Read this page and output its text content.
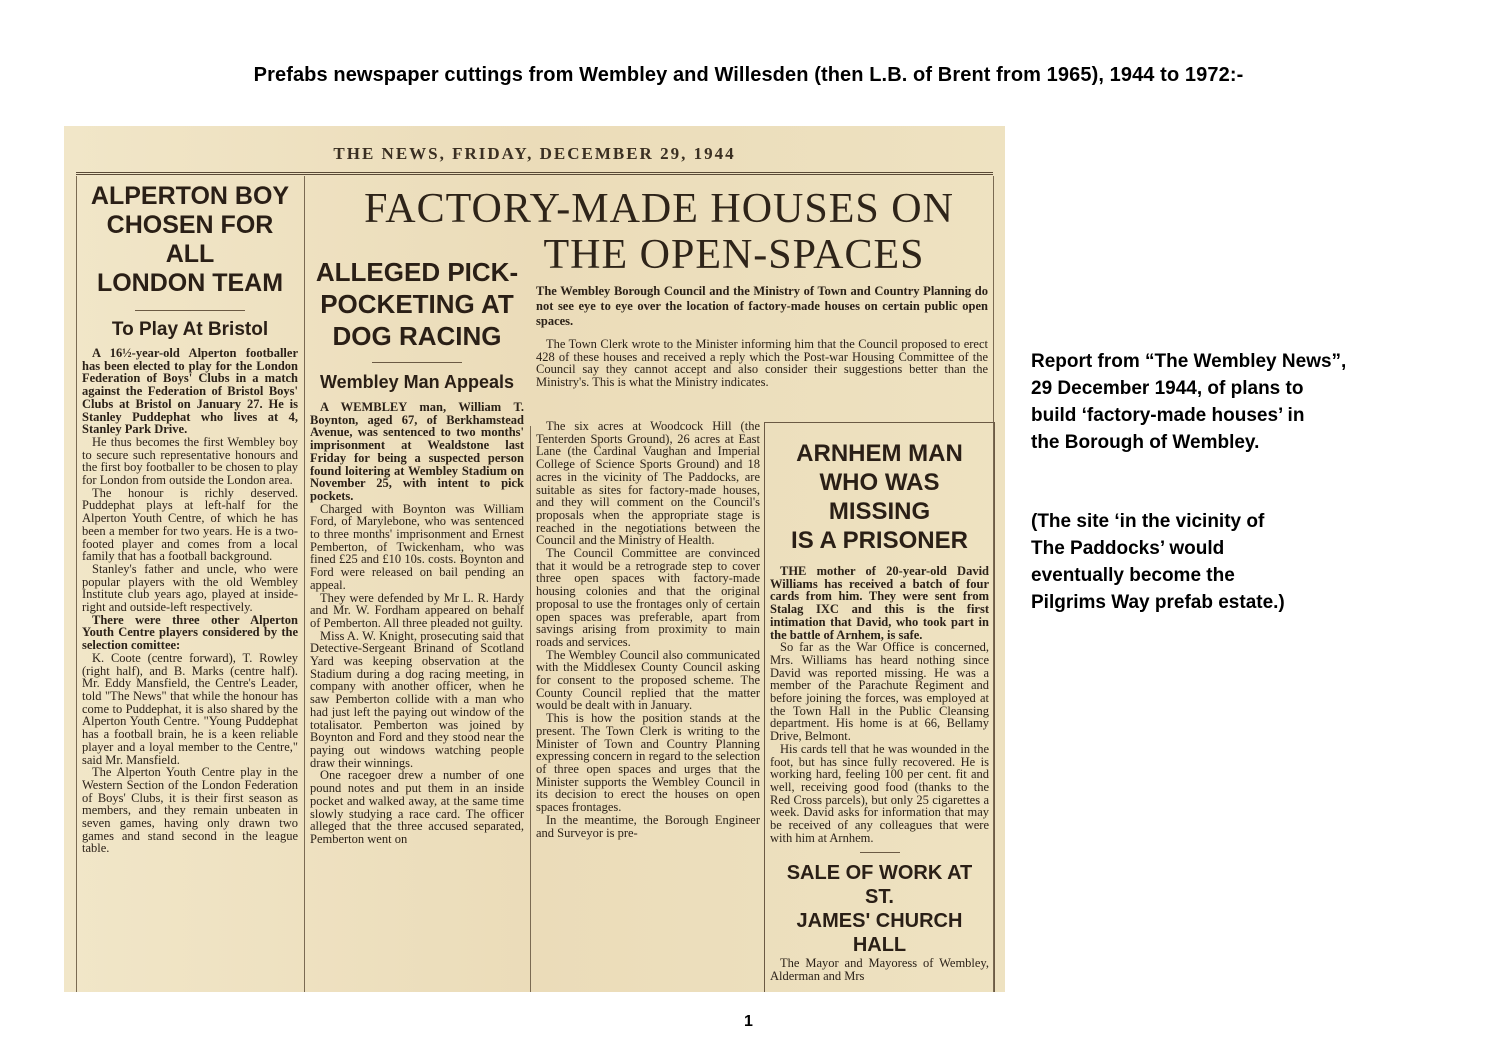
Prefabs newspaper cuttings from Wembley and Willesden (then L.B. of Brent from 1965), 1944 to 1972:-
THE NEWS, FRIDAY, DECEMBER 29, 1944
ALPERTON BOY
CHOSEN FOR ALL
LONDON TEAM
To Play At Bristol

A 16½-year-old Alperton footballer has been elected to play for the London Federation of Boys' Clubs in a match against the Federation of Bristol Boys' Clubs at Bristol on January 27. He is Stanley Puddephat who lives at 4, Stanley Park Drive.

He thus becomes the first Wembley boy to secure such representative honours and the first boy footballer to be chosen to play for London from outside the London area.

The honour is richly deserved. Puddephat plays at left-half for the Alperton Youth Centre, of which he has been a member for two years. He is a two-footed player and comes from a local family that has a football background.

Stanley's father and uncle, who were popular players with the old Wembley Institute club years ago, played at inside-right and outside-left respectively.

There were three other Alperton Youth Centre players considered by the selection comittee:

K. Coote (centre forward), T. Rowley (right half), and B. Marks (centre half). Mr. Eddy Mansfield, the Centre's Leader, told "The News" that while the honour has come to Puddephat, it is also shared by the Alperton Youth Centre. "Young Puddephat has a football brain, he is a keen reliable player and a loyal member to the Centre," said Mr. Mansfield.

The Alperton Youth Centre play in the Western Section of the London Federation of Boys' Clubs, it is their first season as members, and they remain unbeaten in seven games, having only drawn two games and stand second in the league table.

ALLEGED PICK-
POCKETING AT
DOG RACING
Wembley Man Appeals

A WEMBLEY man, William T. Boynton, aged 67, of Berkhamstead Avenue, was sentenced to two months' imprisonment at Wealdstone last Friday for being a suspected person found loitering at Wembley Stadium on November 25, with intent to pick pockets.

Charged with Boynton was William Ford, of Marylebone, who was sentenced to three months' imprisonment and Ernest Pemberton, of Twickenham, who was fined £25 and £10 10s. costs. Boynton and Ford were released on bail pending an appeal.

They were defended by Mr L. R. Hardy and Mr. W. Fordham appeared on behalf of Pemberton. All three pleaded not guilty.

Miss A. W. Knight, prosecuting said that Detective-Sergeant Brinand of Scotland Yard was keeping observation at the Stadium during a dog racing meeting, in company with another officer, when he saw Pemberton collide with a man who had just left the paying out window of the totalisator. Pemberton was joined by Boynton and Ford and they stood near the paying out windows watching people draw their winnings.

One racegoer drew a number of one pound notes and put them in an inside pocket and walked away, at the same time slowly studying a race card. The officer alleged that the three accused separated, Pemberton went on

FACTORY-MADE HOUSES ON
THE OPEN-SPACES
The Wembley Borough Council and the Ministry of Town and Country Planning do not see eye to eye over the location of factory-made houses on certain public open spaces.

The Town Clerk wrote to the Minister informing him that the Council proposed to erect 428 of these houses and received a reply which the Post-war Housing Committee of the Council say they cannot accept and also consider their suggestions better than the Ministry's. This is what the Ministry indicates.

The six acres at Woodcock Hill (the Tenterden Sports Ground), 26 acres at East Lane (the Cardinal Vaughan and Imperial College of Science Sports Ground) and 18 acres in the vicinity of The Paddocks, are suitable as sites for factory-made houses, and they will comment on the Council's proposals when the appropriate stage is reached in the negotiations between the Council and the Ministry of Health.

The Council Committee are convinced that it would be a retrograde step to cover three open spaces with factory-made housing colonies and that the original proposal to use the frontages only of certain open spaces was preferable, apart from savings arising from proximity to main roads and services.

The Wembley Council also communicated with the Middlesex County Council asking for consent to the proposed scheme. The County Council replied that the matter would be dealt with in January.

This is how the position stands at the present. The Town Clerk is writing to the Minister of Town and Country Planning expressing concern in regard to the selection of three open spaces and urges that the Minister supports the Wembley Council in its decision to erect the houses on open spaces frontages.

In the meantime, the Borough Engineer and Surveyor is pre-

ARNHEM MAN
WHO WAS MISSING
IS A PRISONER

THE mother of 20-year-old David Williams has received a batch of four cards from him. They were sent from Stalag IXC and this is the first intimation that David, who took part in the battle of Arnhem, is safe.

So far as the War Office is concerned, Mrs. Williams has heard nothing since David was reported missing. He was a member of the Parachute Regiment and before joining the forces, was employed at the Town Hall in the Public Cleansing department. His home is at 66, Bellamy Drive, Belmont.

His cards tell that he was wounded in the foot, but has since fully recovered. He is working hard, feeling 100 per cent. fit and well, receiving good food (thanks to the Red Cross parcels), but only 25 cigarettes a week. David asks for information that may be received of any colleagues that were with him at Arnhem.

SALE OF WORK AT ST.
JAMES' CHURCH HALL

The Mayor and Mayoress of Wembley, Alderman and Mrs

Report from “The Wembley News”,
29 December 1944, of plans to
build ‘factory-made houses’ in
the Borough of Wembley.
(The site ‘in the vicinity of
The Paddocks’ would
eventually become the
Pilgrims Way prefab estate.)
1
